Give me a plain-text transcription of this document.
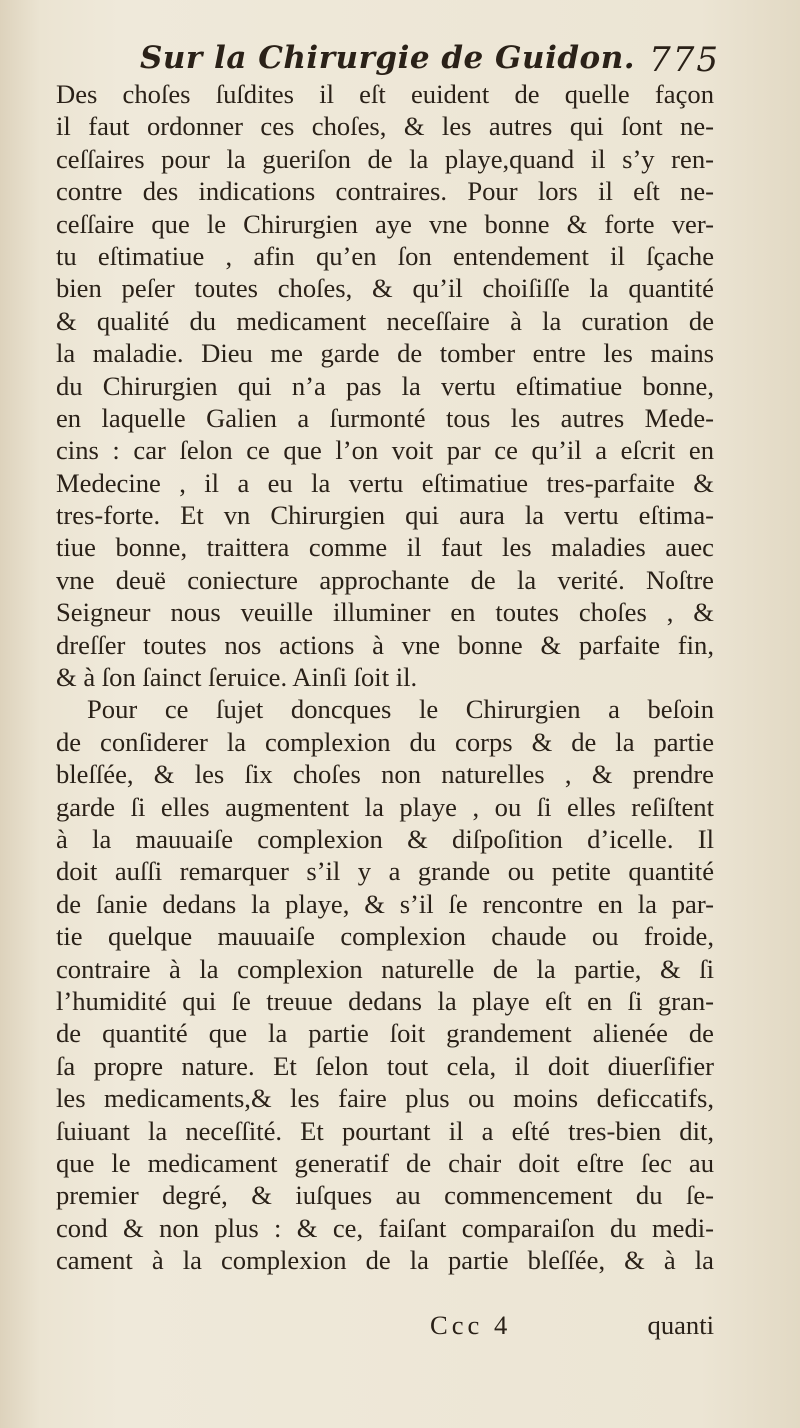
Sur la Chirurgie de Guidon. 775
Des choſes ſuſdites il eſt euident de quelle façon
il faut ordonner ces choſes, & les autres qui ſont ne-
ceſſaires pour la gueriſon de la playe,quand il s’y ren-
contre des indications contraires. Pour lors il eſt ne-
ceſſaire que le Chirurgien aye vne bonne & forte ver-
tu eſtimatiue , afin qu’en ſon entendement il ſçache
bien peſer toutes choſes, & qu’il choiſiſſe la quantité
& qualité du medicament neceſſaire à la curation de
la maladie. Dieu me garde de tomber entre les mains
du Chirurgien qui n’a pas la vertu eſtimatiue bonne,
en laquelle Galien a ſurmonté tous les autres Mede-
cins : car ſelon ce que l’on voit par ce qu’il a eſcrit en
Medecine , il a eu la vertu eſtimatiue tres-parfaite &
tres-forte. Et vn Chirurgien qui aura la vertu eſtima-
tiue bonne, traittera comme il faut les maladies auec
vne deuë coniecture approchante de la verité. Noſtre
Seigneur nous veuille illuminer en toutes choſes , &
dreſſer toutes nos actions à vne bonne & parfaite fin,
& à ſon ſainct ſeruice. Ainſi ſoit il.
Pour ce ſujet doncques le Chirurgien a beſoin
de conſiderer la complexion du corps & de la partie
bleſſée, & les ſix choſes non naturelles , & prendre
garde ſi elles augmentent la playe , ou ſi elles reſiſtent
à la mauuaiſe complexion & diſpoſition d’icelle. Il
doit auſſi remarquer s’il y a grande ou petite quantité
de ſanie dedans la playe, & s’il ſe rencontre en la par-
tie quelque mauuaiſe complexion chaude ou froide,
contraire à la complexion naturelle de la partie, & ſi
l’humidité qui ſe treuue dedans la playe eſt en ſi gran-
de quantité que la partie ſoit grandement alienée de
ſa propre nature. Et ſelon tout cela, il doit diuerſifier
les medicaments,& les faire plus ou moins deficcatifs,
ſuiuant la neceſſité. Et pourtant il a eſté tres-bien dit,
que le medicament generatif de chair doit eſtre ſec au
premier degré, & iuſques au commencement du ſe-
cond & non plus : & ce, faiſant comparaiſon du medi-
cament à la complexion de la partie bleſſée, & à la
Ccc 4	quanti
